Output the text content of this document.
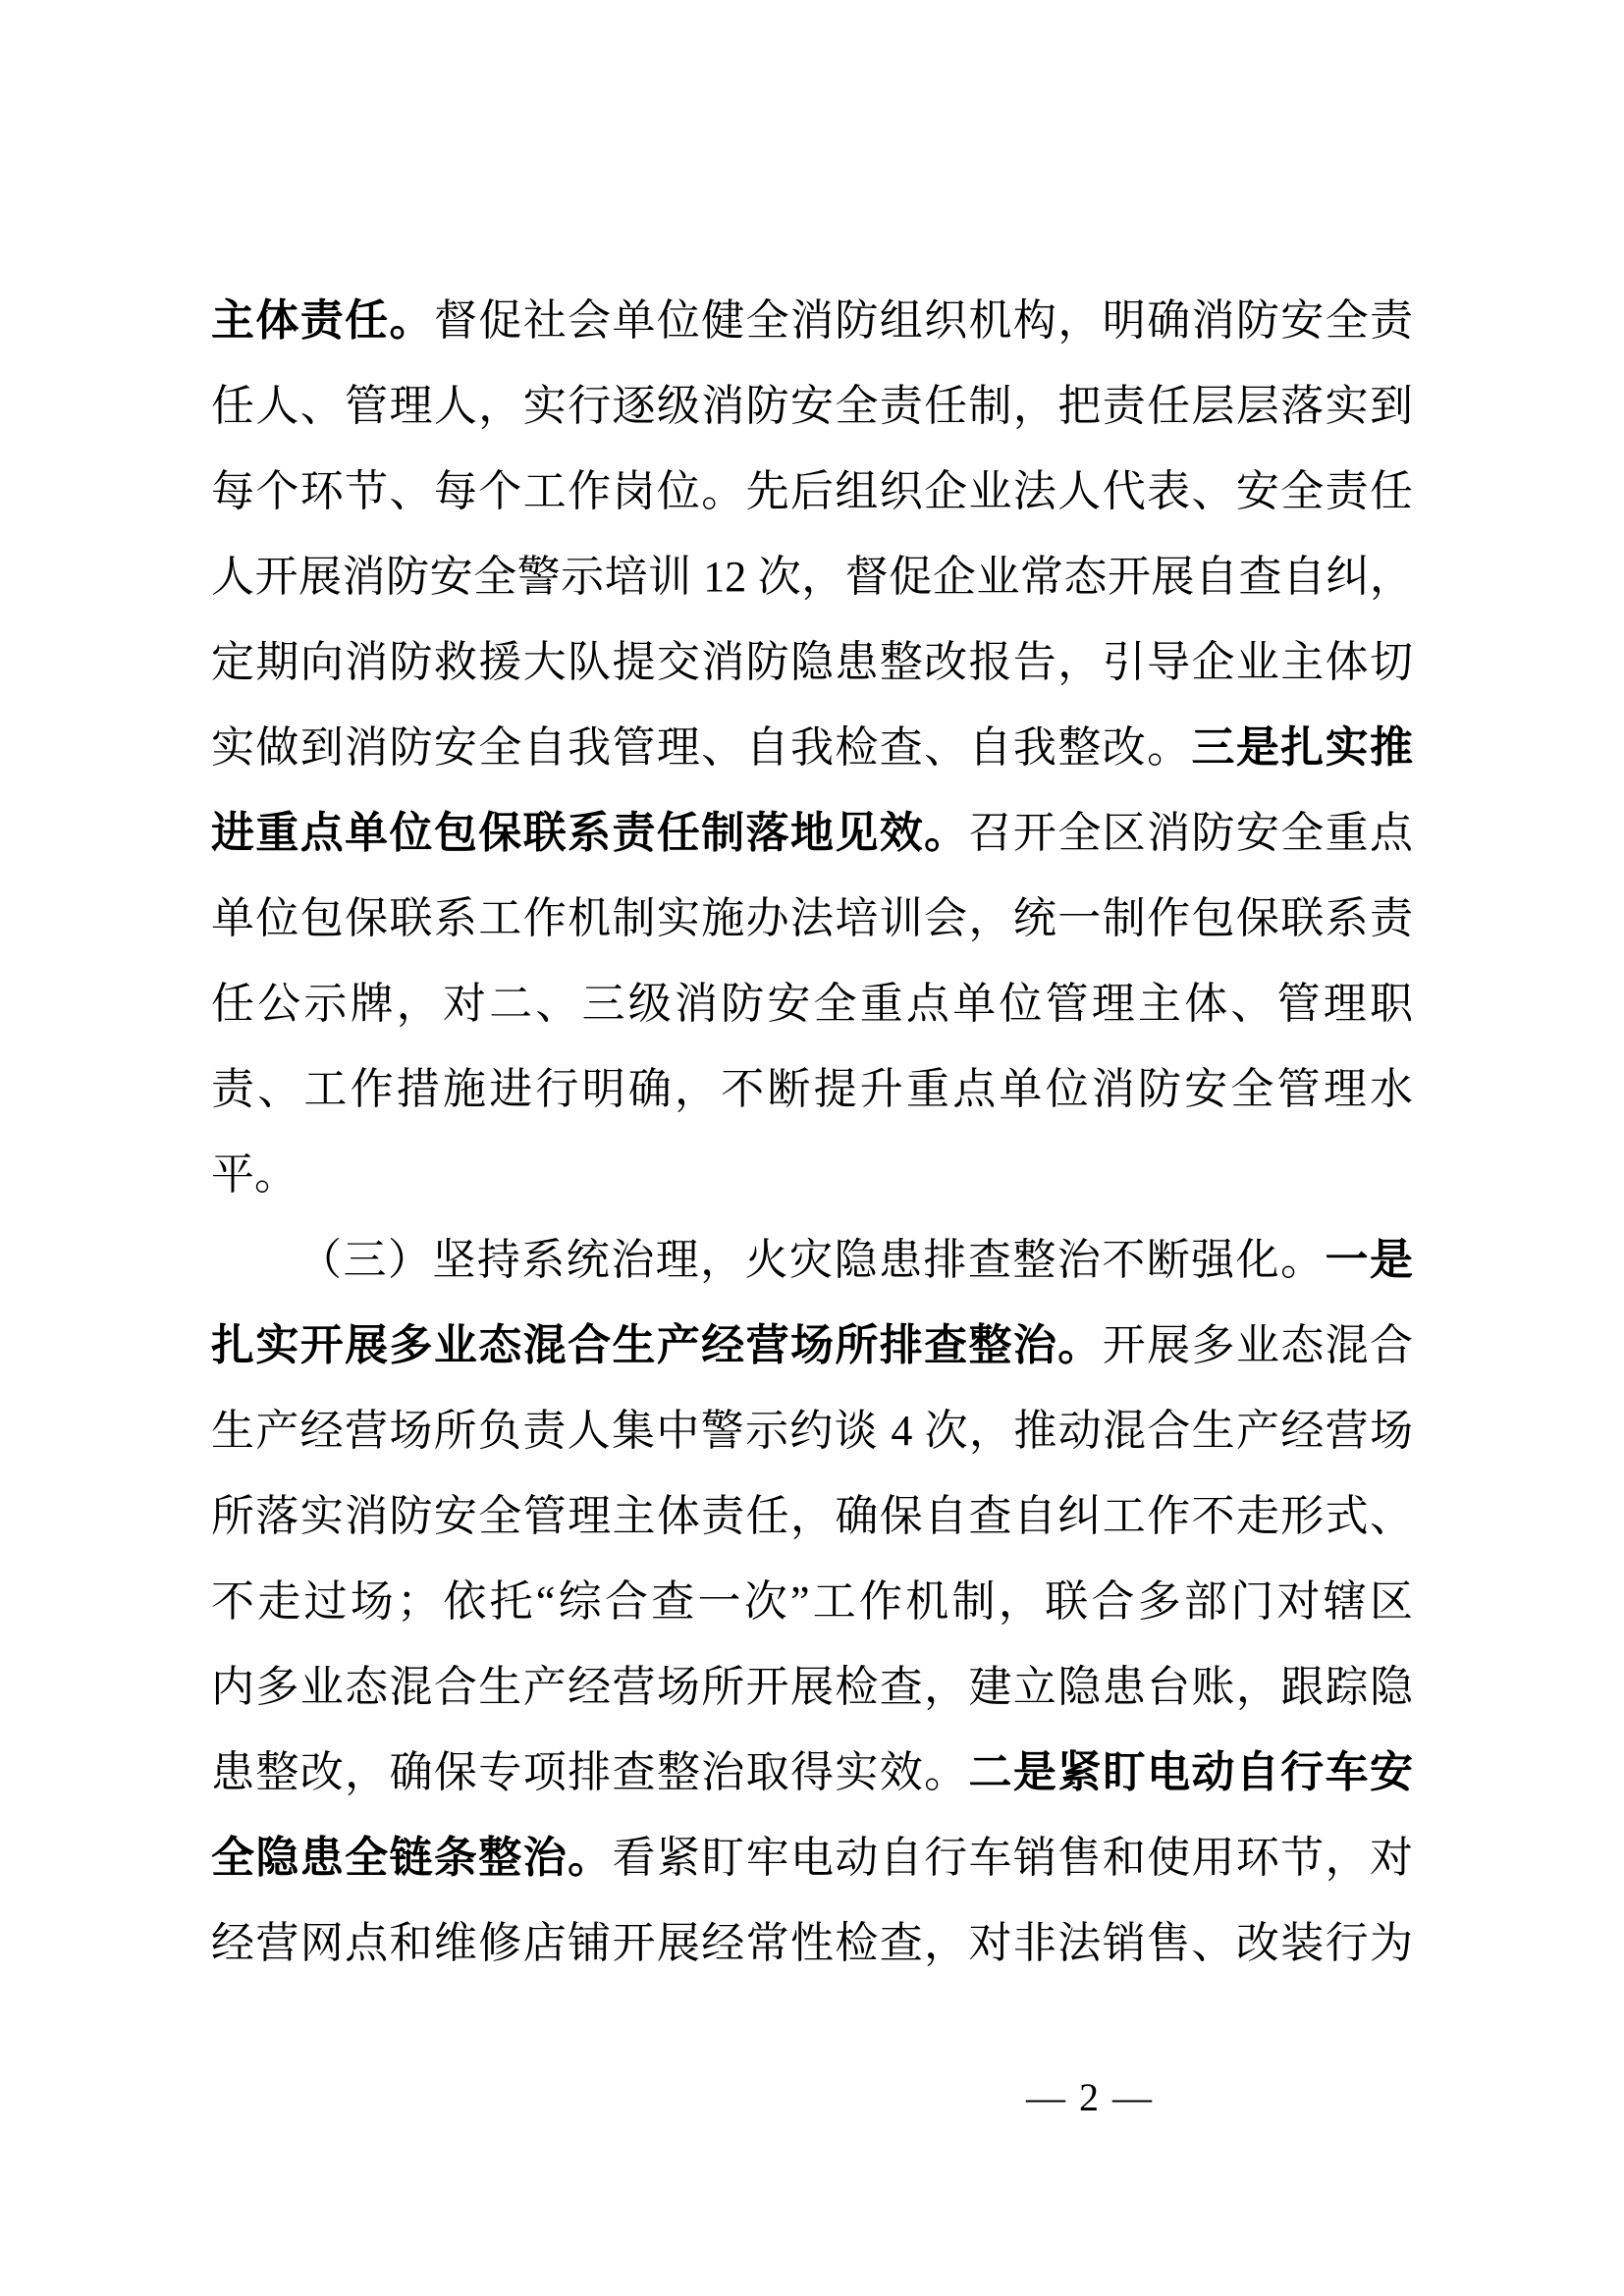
主体责任。督促社会单位健全消防组织机构，明确消防安全责
任人、管理人，实行逐级消防安全责任制，把责任层层落实到
每个环节、每个工作岗位。先后组织企业法人代表、安全责任
人开展消防安全警示培训 12 次，督促企业常态开展自查自纠，
定期向消防救援大队提交消防隐患整改报告，引导企业主体切
实做到消防安全自我管理、自我检查、自我整改。三是扎实推
进重点单位包保联系责任制落地见效。召开全区消防安全重点
单位包保联系工作机制实施办法培训会，统一制作包保联系责
任公示牌，对二、三级消防安全重点单位管理主体、管理职
责、工作措施进行明确，不断提升重点单位消防安全管理水
平。
（三）坚持系统治理，火灾隐患排查整治不断强化。一是
扎实开展多业态混合生产经营场所排查整治。开展多业态混合
生产经营场所负责人集中警示约谈 4 次，推动混合生产经营场
所落实消防安全管理主体责任，确保自查自纠工作不走形式、
不走过场；依托“综合查一次”工作机制，联合多部门对辖区
内多业态混合生产经营场所开展检查，建立隐患台账，跟踪隐
患整改，确保专项排查整治取得实效。二是紧盯电动自行车安
全隐患全链条整治。看紧盯牢电动自行车销售和使用环节，对
经营网点和维修店铺开展经常性检查，对非法销售、改装行为
— 2 —
